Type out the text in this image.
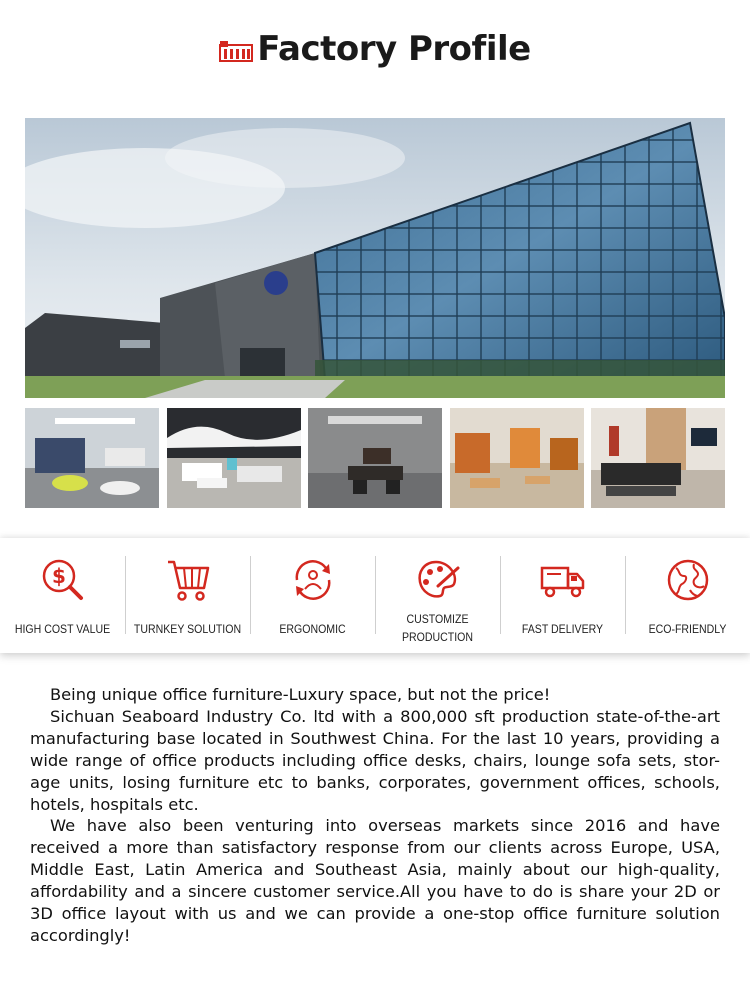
Factory Profile
$
HIGH COST VALUE	TURNKEY SOLUTION	ERGONOMIC
CUSTOMIZE
PRODUCTION
FAST DELIVERY	ECO-FRIENDLY

Being unique office furniture-Luxury space, but not the price!

Sichuan Seaboard Industry Co. ltd with a 800,000 sft production state-of-the-art manufacturing base located in Southwest China. For the last 10 years, providing a wide range of office products including office desks, chairs, lounge sofa sets, stor-age units, losing furniture etc to banks, corporates, government offices, schools, hotels, hospitals etc.

We have also been venturing into overseas markets since 2016 and have received a more than satisfactory response from our clients across Europe, USA, Middle East, Latin America and Southeast Asia, mainly about our high-quality, affordability and a sincere customer service.All you have to do is share your 2D or 3D office layout with us and we can provide a one-stop office furniture solution accordingly!
